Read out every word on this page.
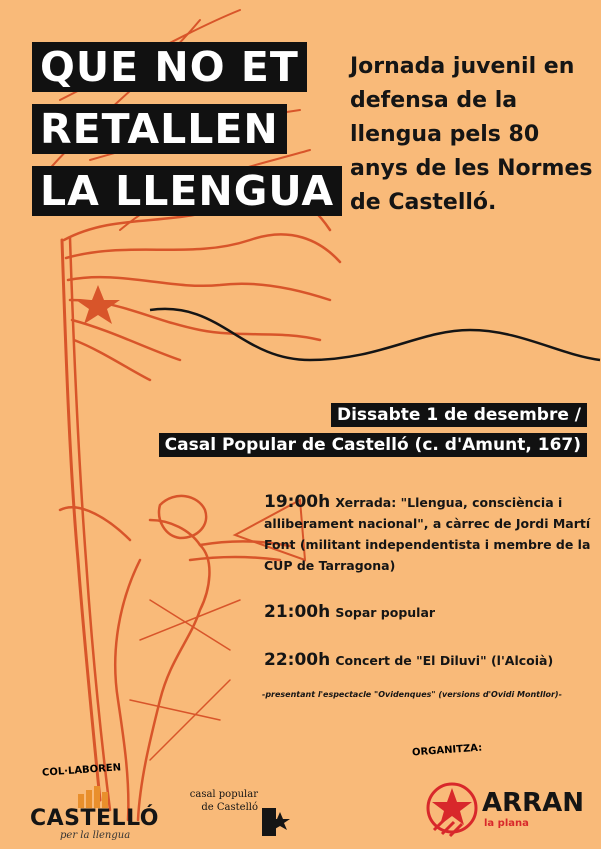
QUE NO ET
RETALLEN
LA LLENGUA

Jornada juvenil en defensa de la llengua pels 80 anys de les Normes de Castelló.

Dissabte 1 de desembre /
Casal Popular de Castelló (c. d'Amunt, 167)
19:00h Xerrada: "Llengua, consciència i alliberament nacional", a càrrec de Jordi Martí Font (militant independentista i membre de la CUP de Tarragona)
21:00h Sopar popular
22:00h Concert de "El Diluvi" (l'Alcoià)
-presentant l'espectacle "Ovidenques" (versions d'Ovidi Montllor)-
COL·LABOREN
ORGANITZA:
CASTELLÓ
per la llengua
casal popular de Castelló	ARRAN
la plana
